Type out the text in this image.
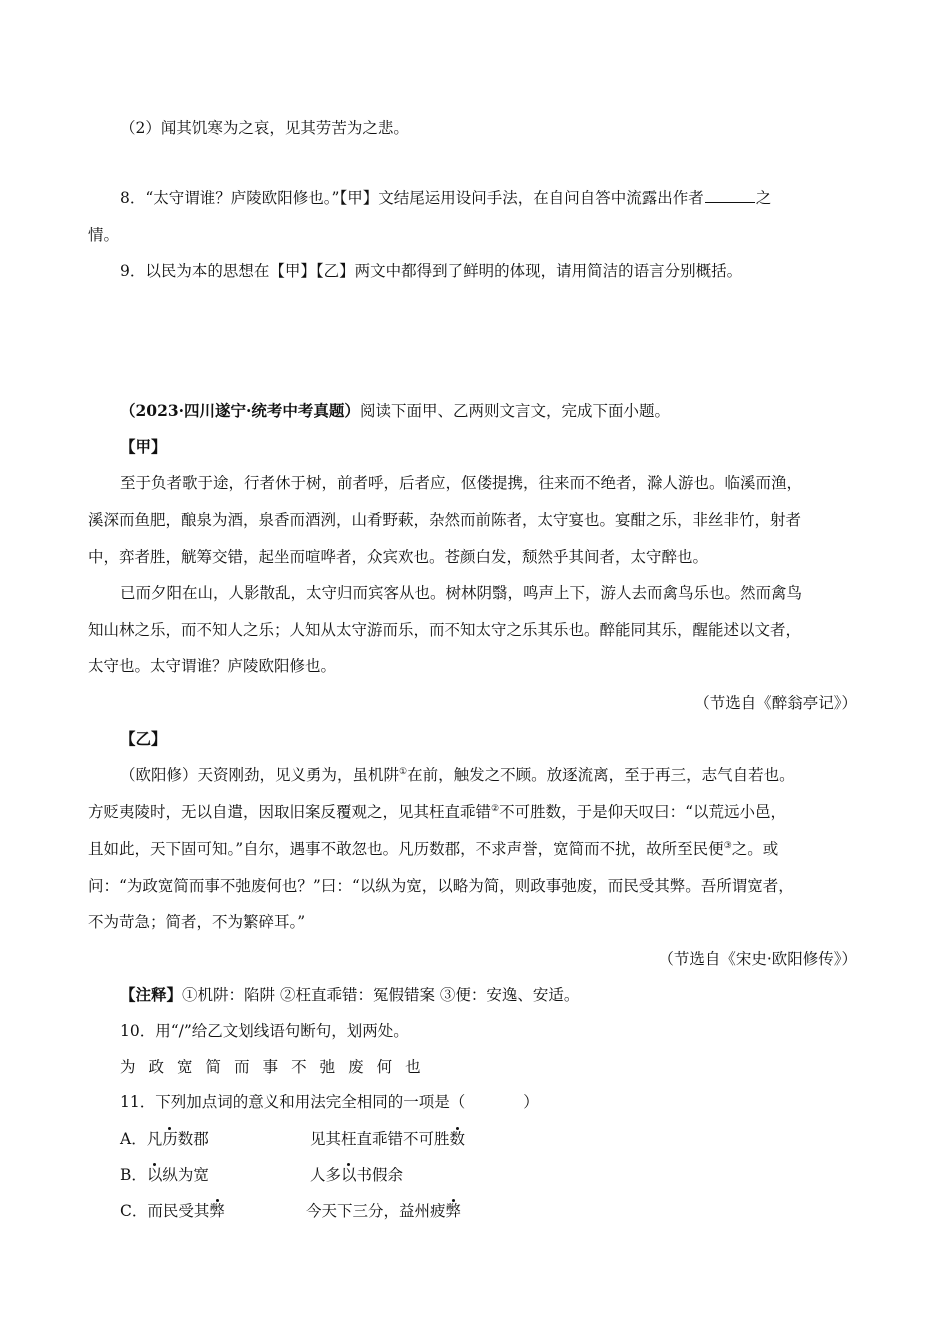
（2）闻其饥寒为之哀，见其劳苦为之悲。
8．“太守谓谁？庐陵欧阳修也。”【甲】文结尾运用设问手法，在自问自答中流露出作者	之
情。
9．以民为本的思想在【甲】【乙】两文中都得到了鲜明的体现，请用简洁的语言分别概括。
（2023·四川遂宁·统考中考真题）阅读下面甲、乙两则文言文，完成下面小题。
【甲】
至于负者歌于途，行者休于树，前者呼，后者应，伛偻提携，往来而不绝者，滁人游也。临溪而渔，
溪深而鱼肥，酿泉为酒，泉香而酒洌，山肴野蔌，杂然而前陈者，太守宴也。宴酣之乐，非丝非竹，射者
中，弈者胜，觥筹交错，起坐而喧哗者，众宾欢也。苍颜白发，颓然乎其间者，太守醉也。
已而夕阳在山，人影散乱，太守归而宾客从也。树林阴翳，鸣声上下，游人去而禽鸟乐也。然而禽鸟
知山林之乐，而不知人之乐；人知从太守游而乐，而不知太守之乐其乐也。醉能同其乐，醒能述以文者，
太守也。太守谓谁？庐陵欧阳修也。
（节选自《醉翁亭记》）
【乙】
（欧阳修）天资刚劲，见义勇为，虽机阱①在前，触发之不顾。放逐流离，至于再三，志气自若也。
方贬夷陵时，无以自遣，因取旧案反覆观之，见其枉直乖错②不可胜数，于是仰天叹曰：“以荒远小邑，
且如此，天下固可知。”自尔，遇事不敢忽也。凡历数郡，不求声誉，宽简而不扰，故所至民便③之。或
问：“为政宽简而事不弛废何也？”曰：“以纵为宽，以略为简，则政事弛废，而民受其弊。吾所谓宽者，
不为苛急；简者，不为繁碎耳。”
（节选自《宋史·欧阳修传》）
【注释】①机阱：陷阱 ②枉直乖错：冤假错案 ③便：安逸、安适。
10．用“/”给乙文划线语句断句，划两处。
为 政 宽 简 而 事 不 弛 废 何 也
11．下列加点词的意义和用法完全相同的一项是（	）
A．凡历数郡	见其枉直乖错不可胜数
B．以纵为宽	人多以书假余
C．而民受其弊	今天下三分，益州疲弊
